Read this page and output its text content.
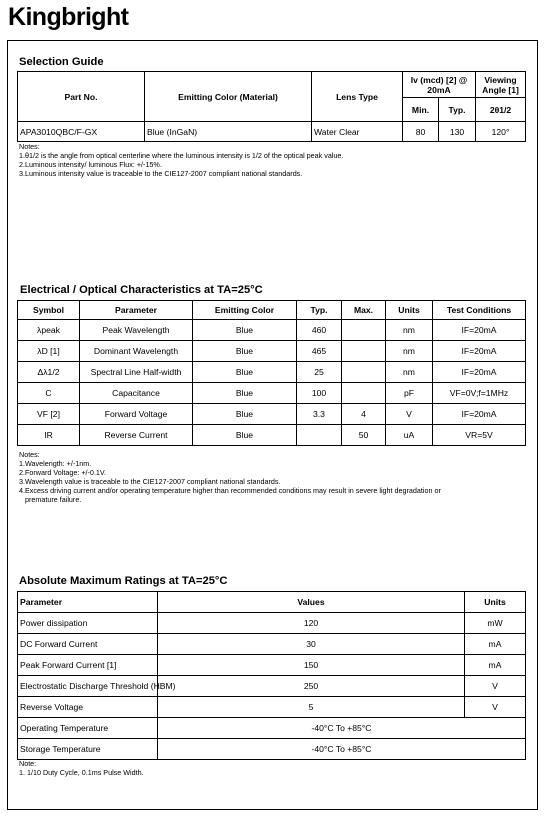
Kingbright
Selection Guide
Part No.	Emitting Color (Material)	Lens Type	Iv (mcd) [2] @ 20mA		Viewing Angle [1]
			Min.	Typ.	2θ1/2
APA3010QBC/F-GX	Blue (InGaN)	Water Clear	80	130	120°
Notes:
1.θ1/2 is the angle from optical centerline where the luminous intensity is 1/2 of the optical peak value.
2.Luminous intensity/ luminous Flux: +/-15%.
3.Luminous intensity value is traceable to the CIE127-2007 compliant national standards.
Electrical / Optical Characteristics at TA=25°C
Symbol	Parameter	Emitting Color	Typ.	Max.	Units	Test Conditions
λpeak	Peak Wavelength	Blue	460		nm	IF=20mA
λD [1]	Dominant Wavelength	Blue	465		nm	IF=20mA
Δλ1/2	Spectral Line Half-width	Blue	25		nm	IF=20mA
C	Capacitance	Blue	100		pF	VF=0V;f=1MHz
VF [2]	Forward Voltage	Blue	3.3	4	V	IF=20mA
IR	Reverse Current	Blue		50	uA	VR=5V
Notes:
1.Wavelength: +/-1nm.
2.Forward Voltage: +/-0.1V.
3.Wavelength value is traceable to the CIE127-2007 compliant national standards.
4.Excess driving current and/or operating temperature higher than recommended conditions may result in severe light degradation or
premature failure.
Absolute Maximum Ratings at TA=25°C
Parameter	Values	Units
Power dissipation	120	mW
DC Forward Current	30	mA
Peak Forward Current [1]	150	mA
Electrostatic Discharge Threshold (HBM)	250	V
Reverse Voltage	5	V
Operating Temperature	-40°C To +85°C	
Storage Temperature	-40°C To +85°C	
Note:
1. 1/10 Duty Cycle, 0.1ms Pulse Width.
